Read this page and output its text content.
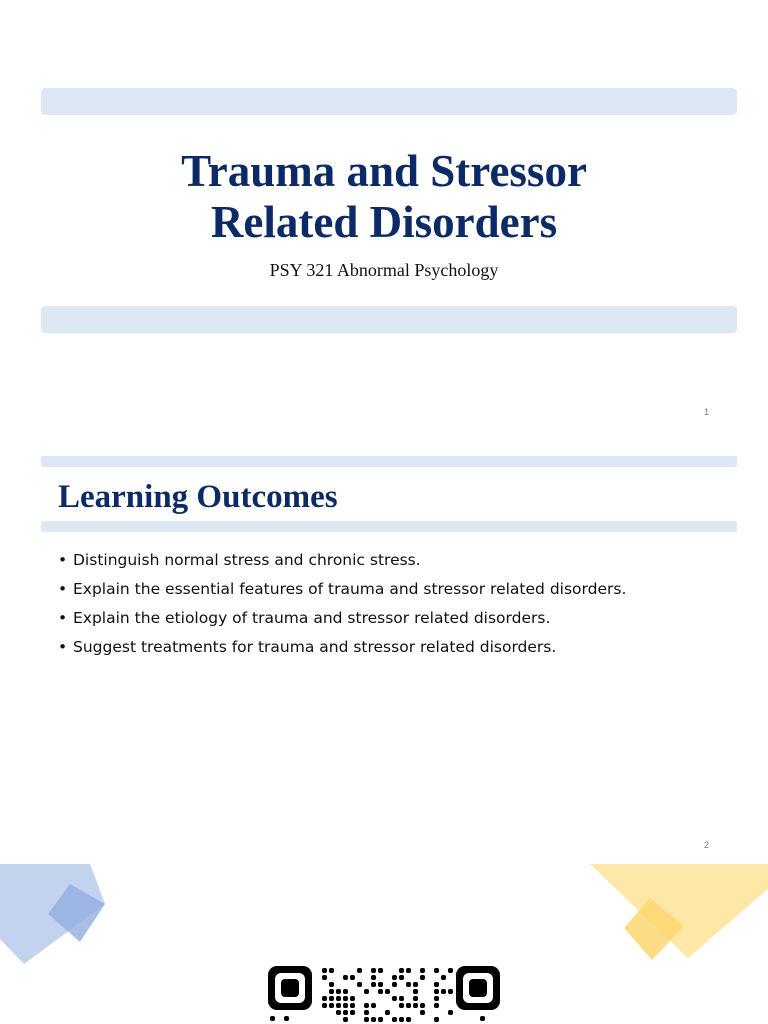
Trauma and Stressor
Related Disorders
PSY 321 Abnormal Psychology
1
Learning Outcomes
• Distinguish normal stress and chronic stress.
• Explain the essential features of trauma and stressor related disorders.
• Explain the etiology of trauma and stressor related disorders.
• Suggest treatments for trauma and stressor related disorders.
2
